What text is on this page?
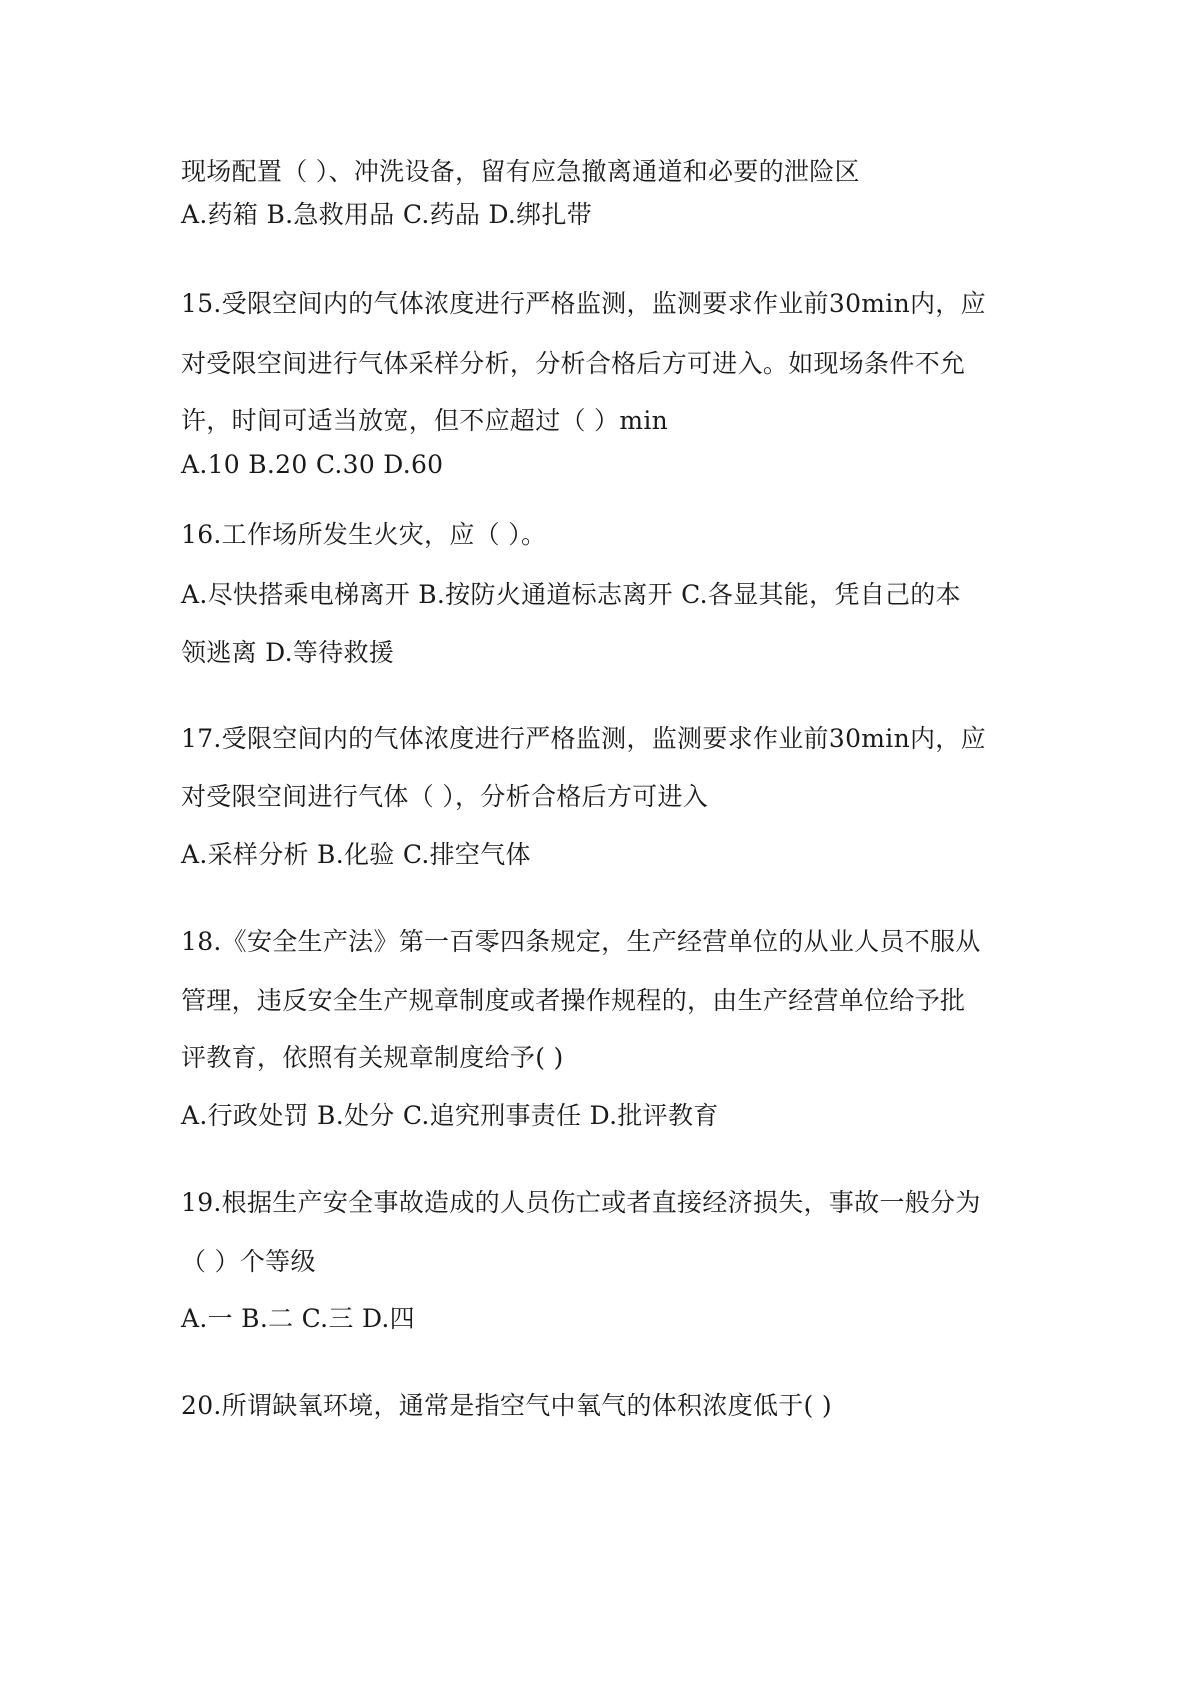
现场配置（ ）、冲洗设备，留有应急撤离通道和必要的泄险区
A.药箱 B.急救用品 C.药品 D.绑扎带
15.受限空间内的气体浓度进行严格监测，监测要求作业前30min内，应
对受限空间进行气体采样分析，分析合格后方可进入。如现场条件不允
许，时间可适当放宽，但不应超过（ ）min
A.10 B.20 C.30 D.60
16.工作场所发生火灾，应（ ）。
A.尽快搭乘电梯离开 B.按防火通道标志离开 C.各显其能，凭自己的本
领逃离 D.等待救援
17.受限空间内的气体浓度进行严格监测，监测要求作业前30min内，应
对受限空间进行气体（ ），分析合格后方可进入
A.采样分析 B.化验 C.排空气体
18.《安全生产法》第一百零四条规定，生产经营单位的从业人员不服从
管理，违反安全生产规章制度或者操作规程的，由生产经营单位给予批
评教育，依照有关规章制度给予( )
A.行政处罚 B.处分 C.追究刑事责任 D.批评教育
19.根据生产安全事故造成的人员伤亡或者直接经济损失，事故一般分为
（ ）个等级
A.一 B.二 C.三 D.四
20.所谓缺氧环境，通常是指空气中氧气的体积浓度低于( )
